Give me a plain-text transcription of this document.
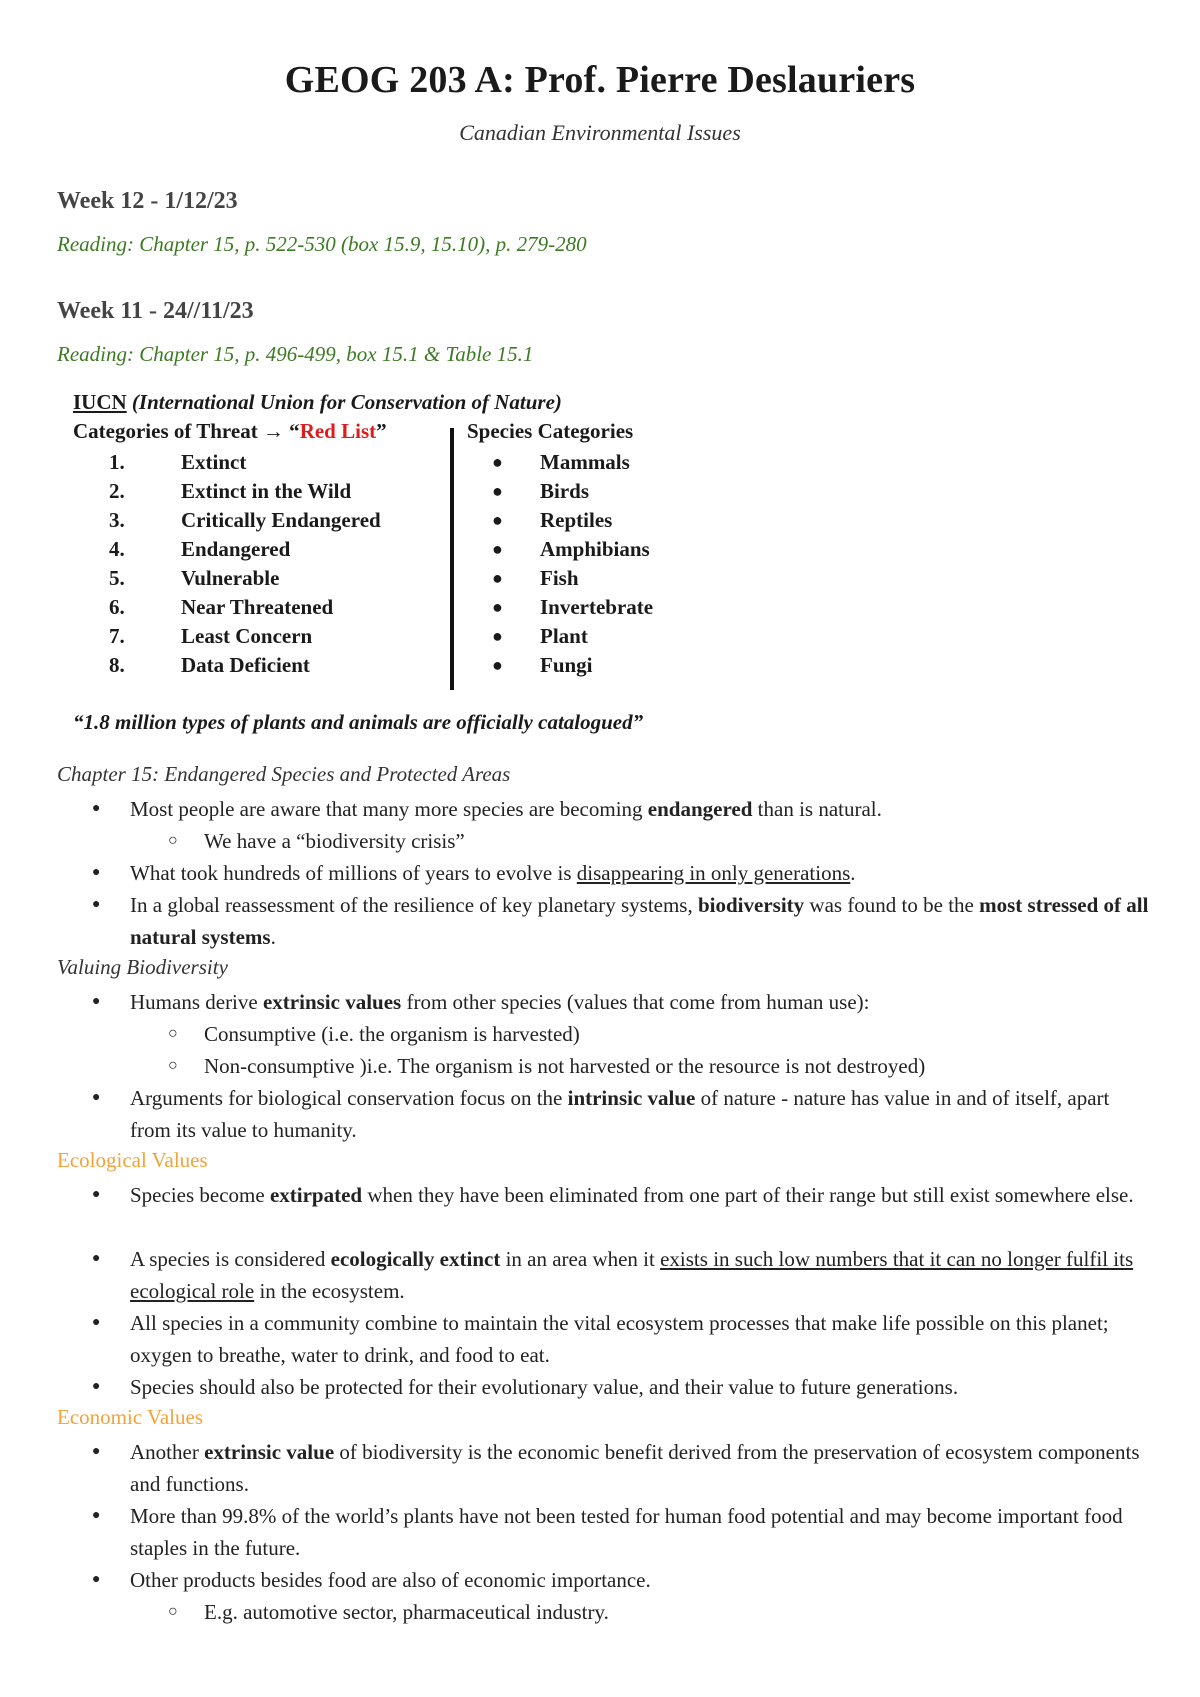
GEOG 203 A: Prof. Pierre Deslauriers
Canadian Environmental Issues
Week 12 - 1/12/23
Reading: Chapter 15, p. 522-530 (box 15.9, 15.10), p. 279-280
Week 11 - 24//11/23
Reading: Chapter 15, p. 496-499, box 15.1 & Table 15.1
IUCN (International Union for Conservation of Nature)
Categories of Threat → “Red List”	Species Categories
1.	Extinct
2.	Extinct in the Wild
3.	Critically Endangered
4.	Endangered
5.	Vulnerable
6.	Near Threatened
7.	Least Concern
8.	Data Deficient
●	Mammals
●	Birds
●	Reptiles
●	Amphibians
●	Fish
●	Invertebrate
●	Plant
●	Fungi
“1.8 million types of plants and animals are officially catalogued”
Chapter 15: Endangered Species and Protected Areas
● Most people are aware that many more species are becoming endangered than is natural.
○ We have a “biodiversity crisis”
● What took hundreds of millions of years to evolve is disappearing in only generations.
● In a global reassessment of the resilience of key planetary systems, biodiversity was found to be the most stressed of all natural systems.
Valuing Biodiversity
● Humans derive extrinsic values from other species (values that come from human use):
○ Consumptive (i.e. the organism is harvested)
○ Non-consumptive )i.e. The organism is not harvested or the resource is not destroyed)
● Arguments for biological conservation focus on the intrinsic value of nature - nature has value in and of itself, apart from its value to humanity.
Ecological Values
● Species become extirpated when they have been eliminated from one part of their range but still exist somewhere else.
● A species is considered ecologically extinct in an area when it exists in such low numbers that it can no longer fulfil its ecological role in the ecosystem.
● All species in a community combine to maintain the vital ecosystem processes that make life possible on this planet; oxygen to breathe, water to drink, and food to eat.
● Species should also be protected for their evolutionary value, and their value to future generations.
Economic Values
● Another extrinsic value of biodiversity is the economic benefit derived from the preservation of ecosystem components and functions.
● More than 99.8% of the world’s plants have not been tested for human food potential and may become important food staples in the future.
● Other products besides food are also of economic importance.
○ E.g. automotive sector, pharmaceutical industry.
